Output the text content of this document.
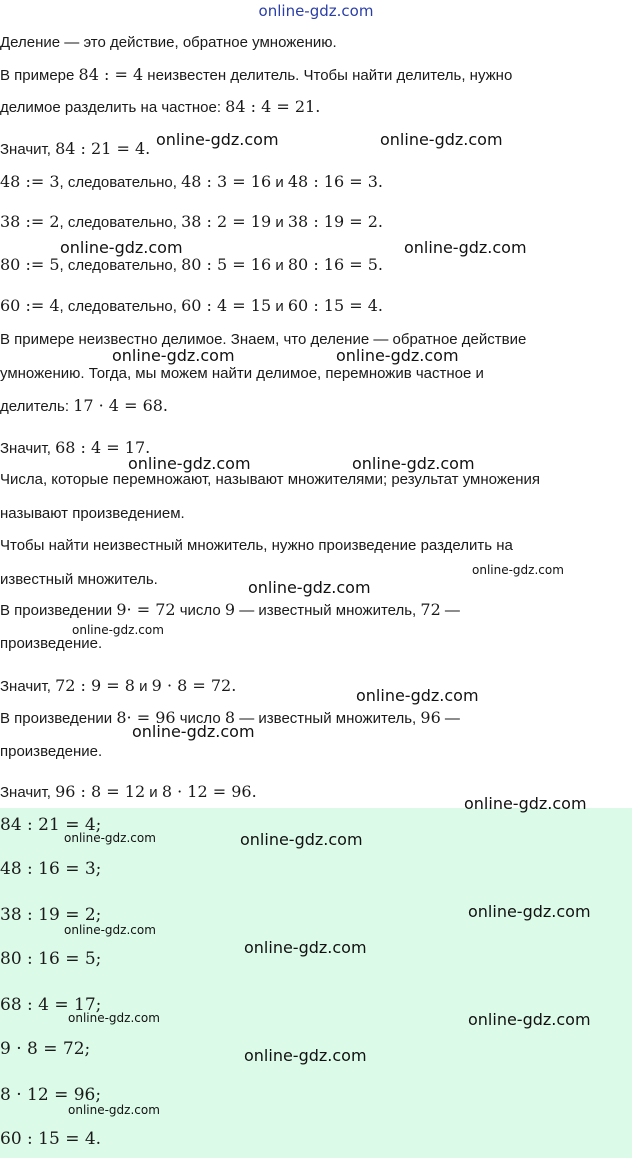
online-gdz.com
Деление — это действие, обратное умножению.
В примере 84 : = 4 неизвестен делитель. Чтобы найти делитель, нужно
делимое разделить на частное: 84 : 4 = 21.
Значит, 84 : 21 = 4.
48 := 3, следовательно, 48 : 3 = 16 и 48 : 16 = 3.
38 := 2, следовательно, 38 : 2 = 19 и 38 : 19 = 2.
80 := 5, следовательно, 80 : 5 = 16 и 80 : 16 = 5.
60 := 4, следовательно, 60 : 4 = 15 и 60 : 15 = 4.
В примере неизвестно делимое. Знаем, что деление — обратное действие
умножению. Тогда, мы можем найти делимое, перемножив частное и
делитель: 17 · 4 = 68.
Значит, 68 : 4 = 17.
Числа, которые перемножают, называют множителями; результат умножения
называют произведением.
Чтобы найти неизвестный множитель, нужно произведение разделить на
известный множитель.
В произведении 9· = 72 число 9 — известный множитель, 72 —
произведение.
Значит, 72 : 9 = 8 и 9 · 8 = 72.
В произведении 8· = 96 число 8 — известный множитель, 96 —
произведение.
Значит, 96 : 8 = 12 и 8 · 12 = 96.
84 : 21 = 4;
48 : 16 = 3;
38 : 19 = 2;
80 : 16 = 5;
68 : 4 = 17;
9 · 8 = 72;
8 · 12 = 96;
60 : 15 = 4.
online-gdz.com	online-gdz.com
online-gdz.com	online-gdz.com
online-gdz.com	online-gdz.com
online-gdz.com	online-gdz.com
online-gdz.com
online-gdz.com
online-gdz.com
online-gdz.com
online-gdz.com
online-gdz.com
online-gdz.com	online-gdz.com
online-gdz.com
online-gdz.com
online-gdz.com
online-gdz.com
online-gdz.com
online-gdz.com
online-gdz.com
